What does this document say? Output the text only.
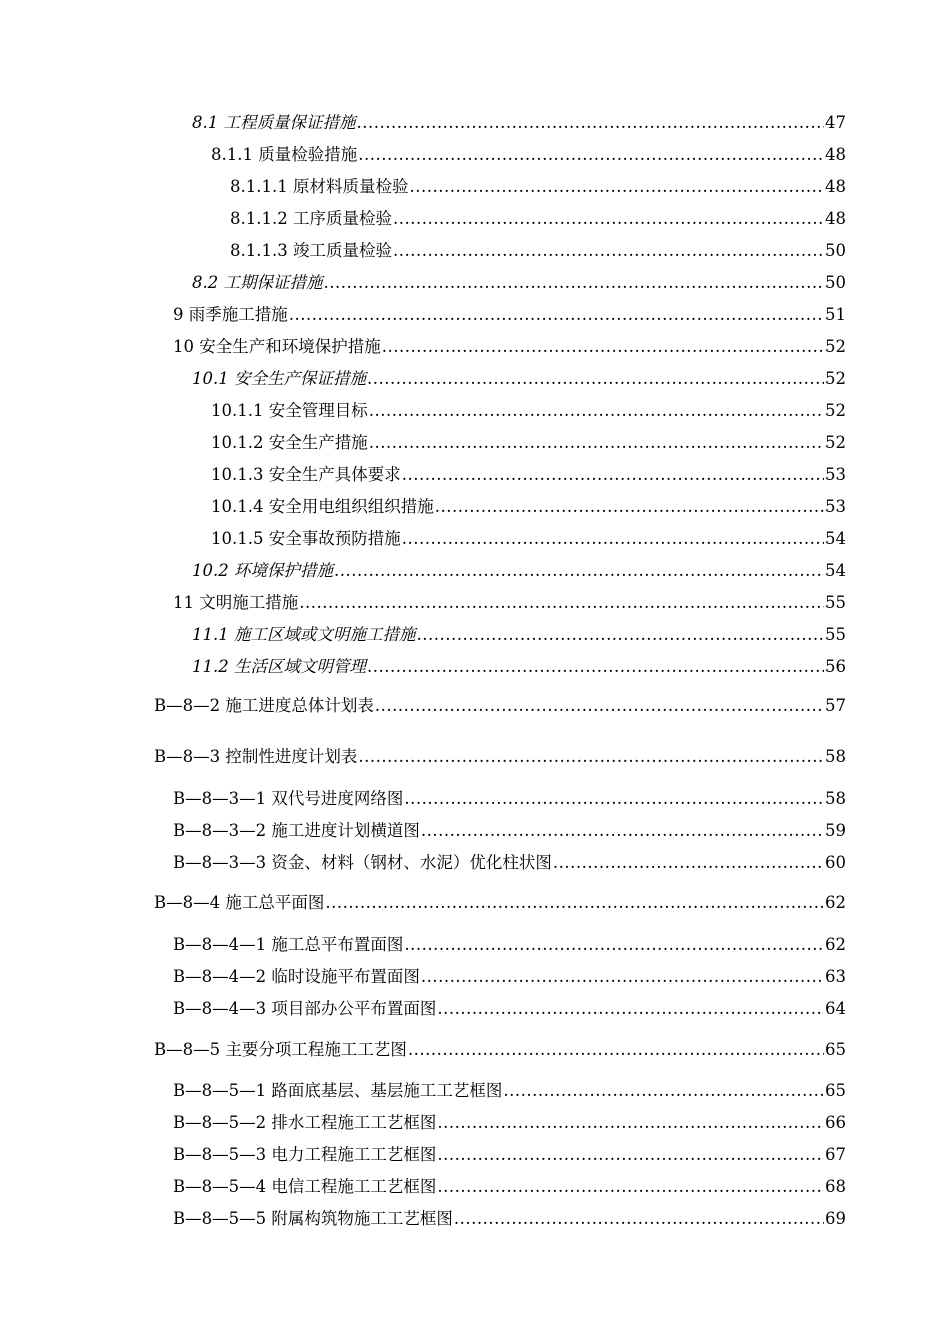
8.1 工程质量保证措施 .....	47
8.1.1 质量检验措施 .....	48
8.1.1.1 原材料质量检验 .....	48
8.1.1.2 工序质量检验 .....	48
8.1.1.3 竣工质量检验 .....	50
8.2 工期保证措施 .....	50
9 雨季施工措施 .....	51
10 安全生产和环境保护措施 .....	52
10.1 安全生产保证措施 .....	52
10.1.1 安全管理目标 .....	52
10.1.2 安全生产措施 .....	52
10.1.3 安全生产具体要求 .....	53
10.1.4 安全用电组织组织措施 .....	53
10.1.5 安全事故预防措施 .....	54
10.2 环境保护措施 .....	54
11 文明施工措施 .....	55
11.1 施工区域或文明施工措施 .....	55
11.2 生活区域文明管理 .....	56
B—8—2 施工进度总体计划表 .....	57
B—8—3 控制性进度计划表 .....	58
B—8—3—1 双代号进度网络图 .....	58
B—8—3—2 施工进度计划横道图 .....	59
B—8—3—3 资金、材料（钢材、水泥）优化柱状图 .....	60
B—8—4 施工总平面图 .....	62
B—8—4—1 施工总平布置面图 .....	62
B—8—4—2 临时设施平布置面图 .....	63
B—8—4—3 项目部办公平布置面图 .....	64
B—8—5 主要分项工程施工工艺图 .....	65
B—8—5—1 路面底基层、基层施工工艺框图 .....	65
B—8—5—2 排水工程施工工艺框图 .....	66
B—8—5—3 电力工程施工工艺框图 .....	67
B—8—5—4 电信工程施工工艺框图 .....	68
B—8—5—5 附属构筑物施工工艺框图 .....	69
